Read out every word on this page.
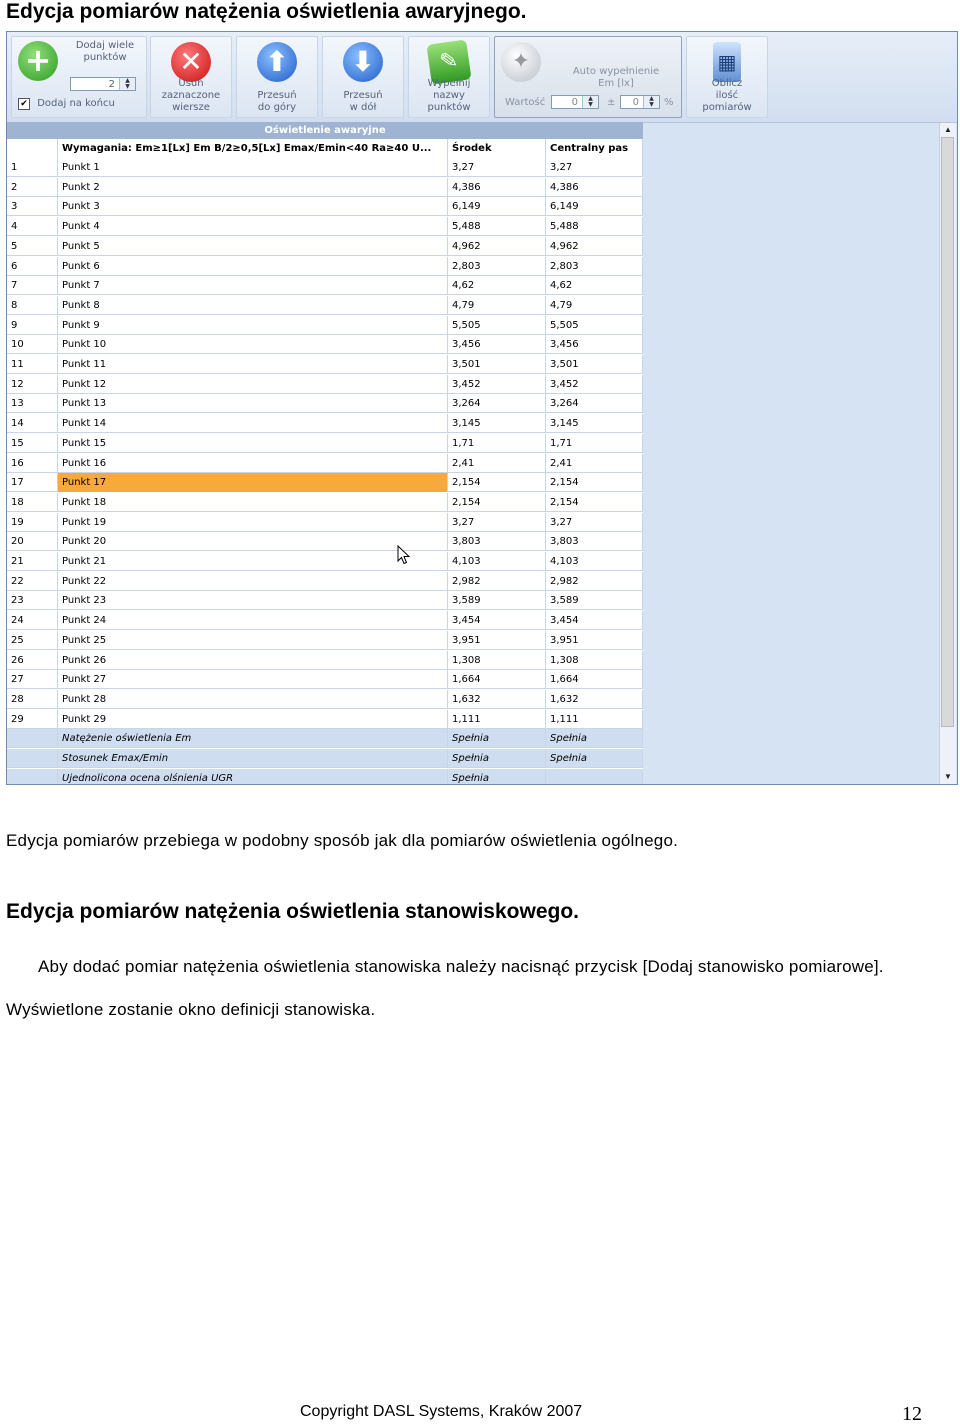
Edycja pomiarów natężenia oświetlenia awaryjnego.
+	Dodaj wiele
punktów
2	▲
▼
✔ Dodaj na końcu
✕
Usuń zaznaczone wiersze
⬆
Przesuń do góry
⬇
Przesuń w dół
✎
Wypełnij nazwy punktów
✦	Auto wypełnienie
Em [lx]
Wartość	0	▲
▼	±	0	▲
▼	%
▦
Oblicz ilość pomiarów
Oświetlenie awaryjne
Wymagania: Em≥1[Lx] Em B/2≥0,5[Lx] Emax/Emin<40 Ra≥40 U...	Środek	Centralny pas
1	Punkt 1	3,27	3,27
2	Punkt 2	4,386	4,386
3	Punkt 3	6,149	6,149
4	Punkt 4	5,488	5,488
5	Punkt 5	4,962	4,962
6	Punkt 6	2,803	2,803
7	Punkt 7	4,62	4,62
8	Punkt 8	4,79	4,79
9	Punkt 9	5,505	5,505
10	Punkt 10	3,456	3,456
11	Punkt 11	3,501	3,501
12	Punkt 12	3,452	3,452
13	Punkt 13	3,264	3,264
14	Punkt 14	3,145	3,145
15	Punkt 15	1,71	1,71
16	Punkt 16	2,41	2,41
17	Punkt 17	2,154	2,154
18	Punkt 18	2,154	2,154
19	Punkt 19	3,27	3,27
20	Punkt 20	3,803	3,803
21	Punkt 21	4,103	4,103
22	Punkt 22	2,982	2,982
23	Punkt 23	3,589	3,589
24	Punkt 24	3,454	3,454
25	Punkt 25	3,951	3,951
26	Punkt 26	1,308	1,308
27	Punkt 27	1,664	1,664
28	Punkt 28	1,632	1,632
29	Punkt 29	1,111	1,111
Natężenie oświetlenia Em	Spełnia	Spełnia
Stosunek Emax/Emin	Spełnia	Spełnia
Ujednolicona ocena olśnienia UGR	Spełnia
▲
▼
Edycja pomiarów przebiega w podobny sposób jak dla pomiarów oświetlenia ogólnego.
Edycja pomiarów natężenia oświetlenia stanowiskowego.
Aby dodać pomiar natężenia oświetlenia stanowiska należy nacisnąć przycisk [Dodaj stanowisko pomiarowe].
Wyświetlone zostanie okno definicji stanowiska.
Copyright DASL Systems, Kraków 2007	12
